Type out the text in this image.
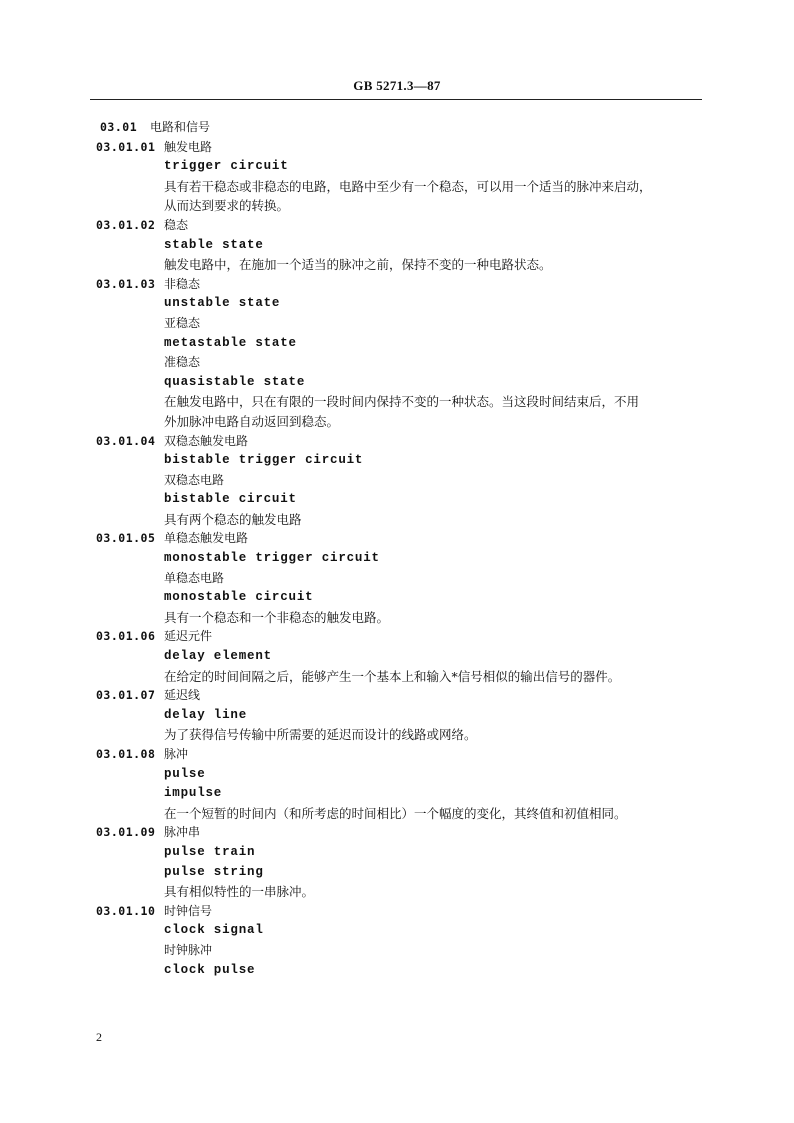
GB 5271.3—87
03.01 电路和信号
03.01.01 触发电路
trigger circuit
具有若干稳态或非稳态的电路，电路中至少有一个稳态，可以用一个适当的脉冲来启动，
从而达到要求的转换。
03.01.02 稳态
stable state
触发电路中，在施加一个适当的脉冲之前，保持不变的一种电路状态。
03.01.03 非稳态
unstable state
亚稳态
metastable state
准稳态
quasistable state
在触发电路中，只在有限的一段时间内保持不变的一种状态。当这段时间结束后，不用
外加脉冲电路自动返回到稳态。
03.01.04 双稳态触发电路
bistable trigger circuit
双稳态电路
bistable circuit
具有两个稳态的触发电路
03.01.05 单稳态触发电路
monostable trigger circuit
单稳态电路
monostable circuit
具有一个稳态和一个非稳态的触发电路。
03.01.06 延迟元件
delay element
在给定的时间间隔之后，能够产生一个基本上和输入*信号相似的输出信号的器件。
03.01.07 延迟线
delay line
为了获得信号传输中所需要的延迟而设计的线路或网络。
03.01.08 脉冲
pulse
impulse
在一个短暂的时间内（和所考虑的时间相比）一个幅度的变化，其终值和初值相同。
03.01.09 脉冲串
pulse train
pulse string
具有相似特性的一串脉冲。
03.01.10 时钟信号
clock signal
时钟脉冲
clock pulse
2
